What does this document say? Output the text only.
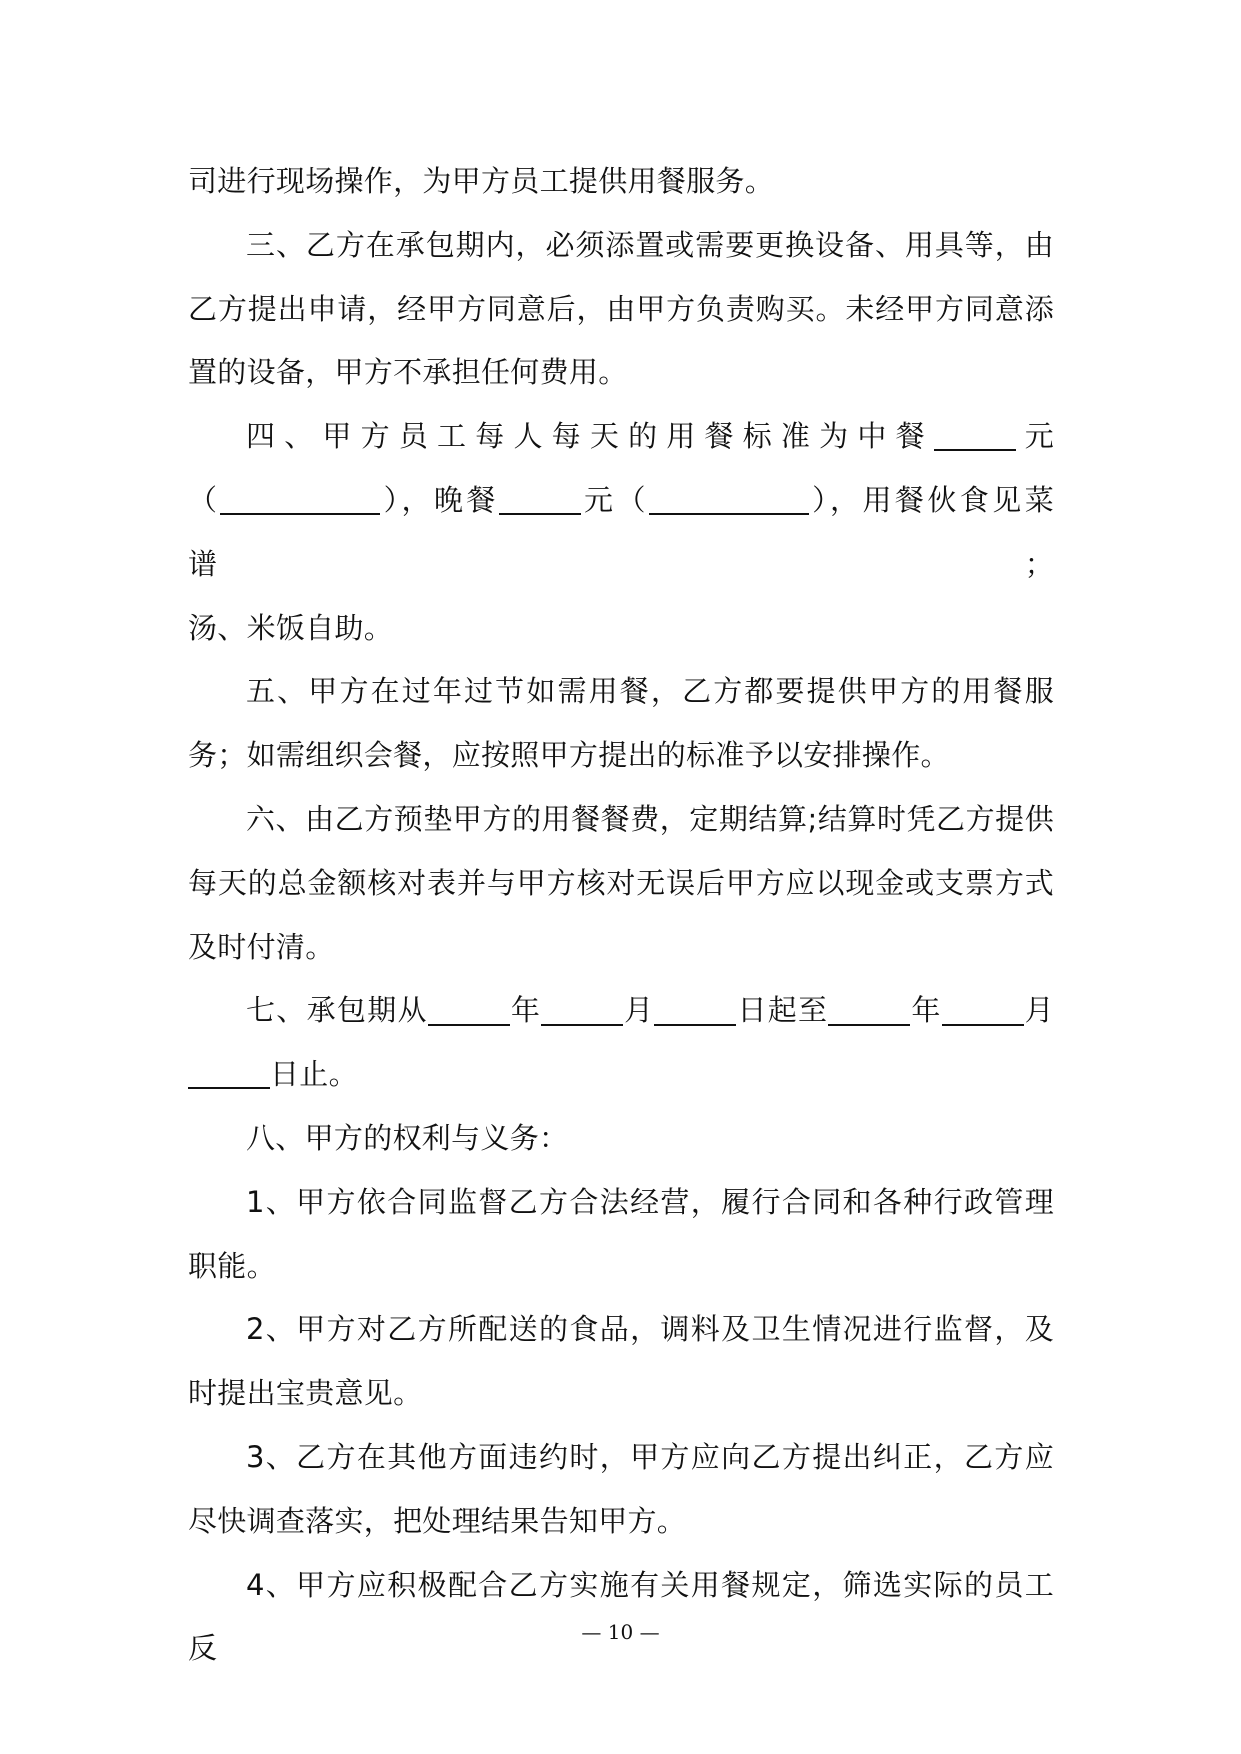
司进行现场操作，为甲方员工提供用餐服务。

三、乙方在承包期内，必须添置或需要更换设备、用具等，由乙方提出申请，经甲方同意后，由甲方负责购买。未经甲方同意添置的设备，甲方不承担任何费用。

四、甲方员工每人每天的用餐标准为中餐	元

（	），晚餐	元（	），用餐伙食见菜谱；

汤、米饭自助。

五、甲方在过年过节如需用餐，乙方都要提供甲方的用餐服务；如需组织会餐，应按照甲方提出的标准予以安排操作。

六、由乙方预垫甲方的用餐餐费，定期结算;结算时凭乙方提供每天的总金额核对表并与甲方核对无误后甲方应以现金或支票方式及时付清。

七、承包期从	年	月	日起至	年	月

日止。

八、甲方的权利与义务：

1、甲方依合同监督乙方合法经营，履行合同和各种行政管理职能。

2、甲方对乙方所配送的食品，调料及卫生情况进行监督，及时提出宝贵意见。

3、乙方在其他方面违约时，甲方应向乙方提出纠正，乙方应尽快调查落实，把处理结果告知甲方。

4、甲方应积极配合乙方实施有关用餐规定，筛选实际的员工反	— 10 —
